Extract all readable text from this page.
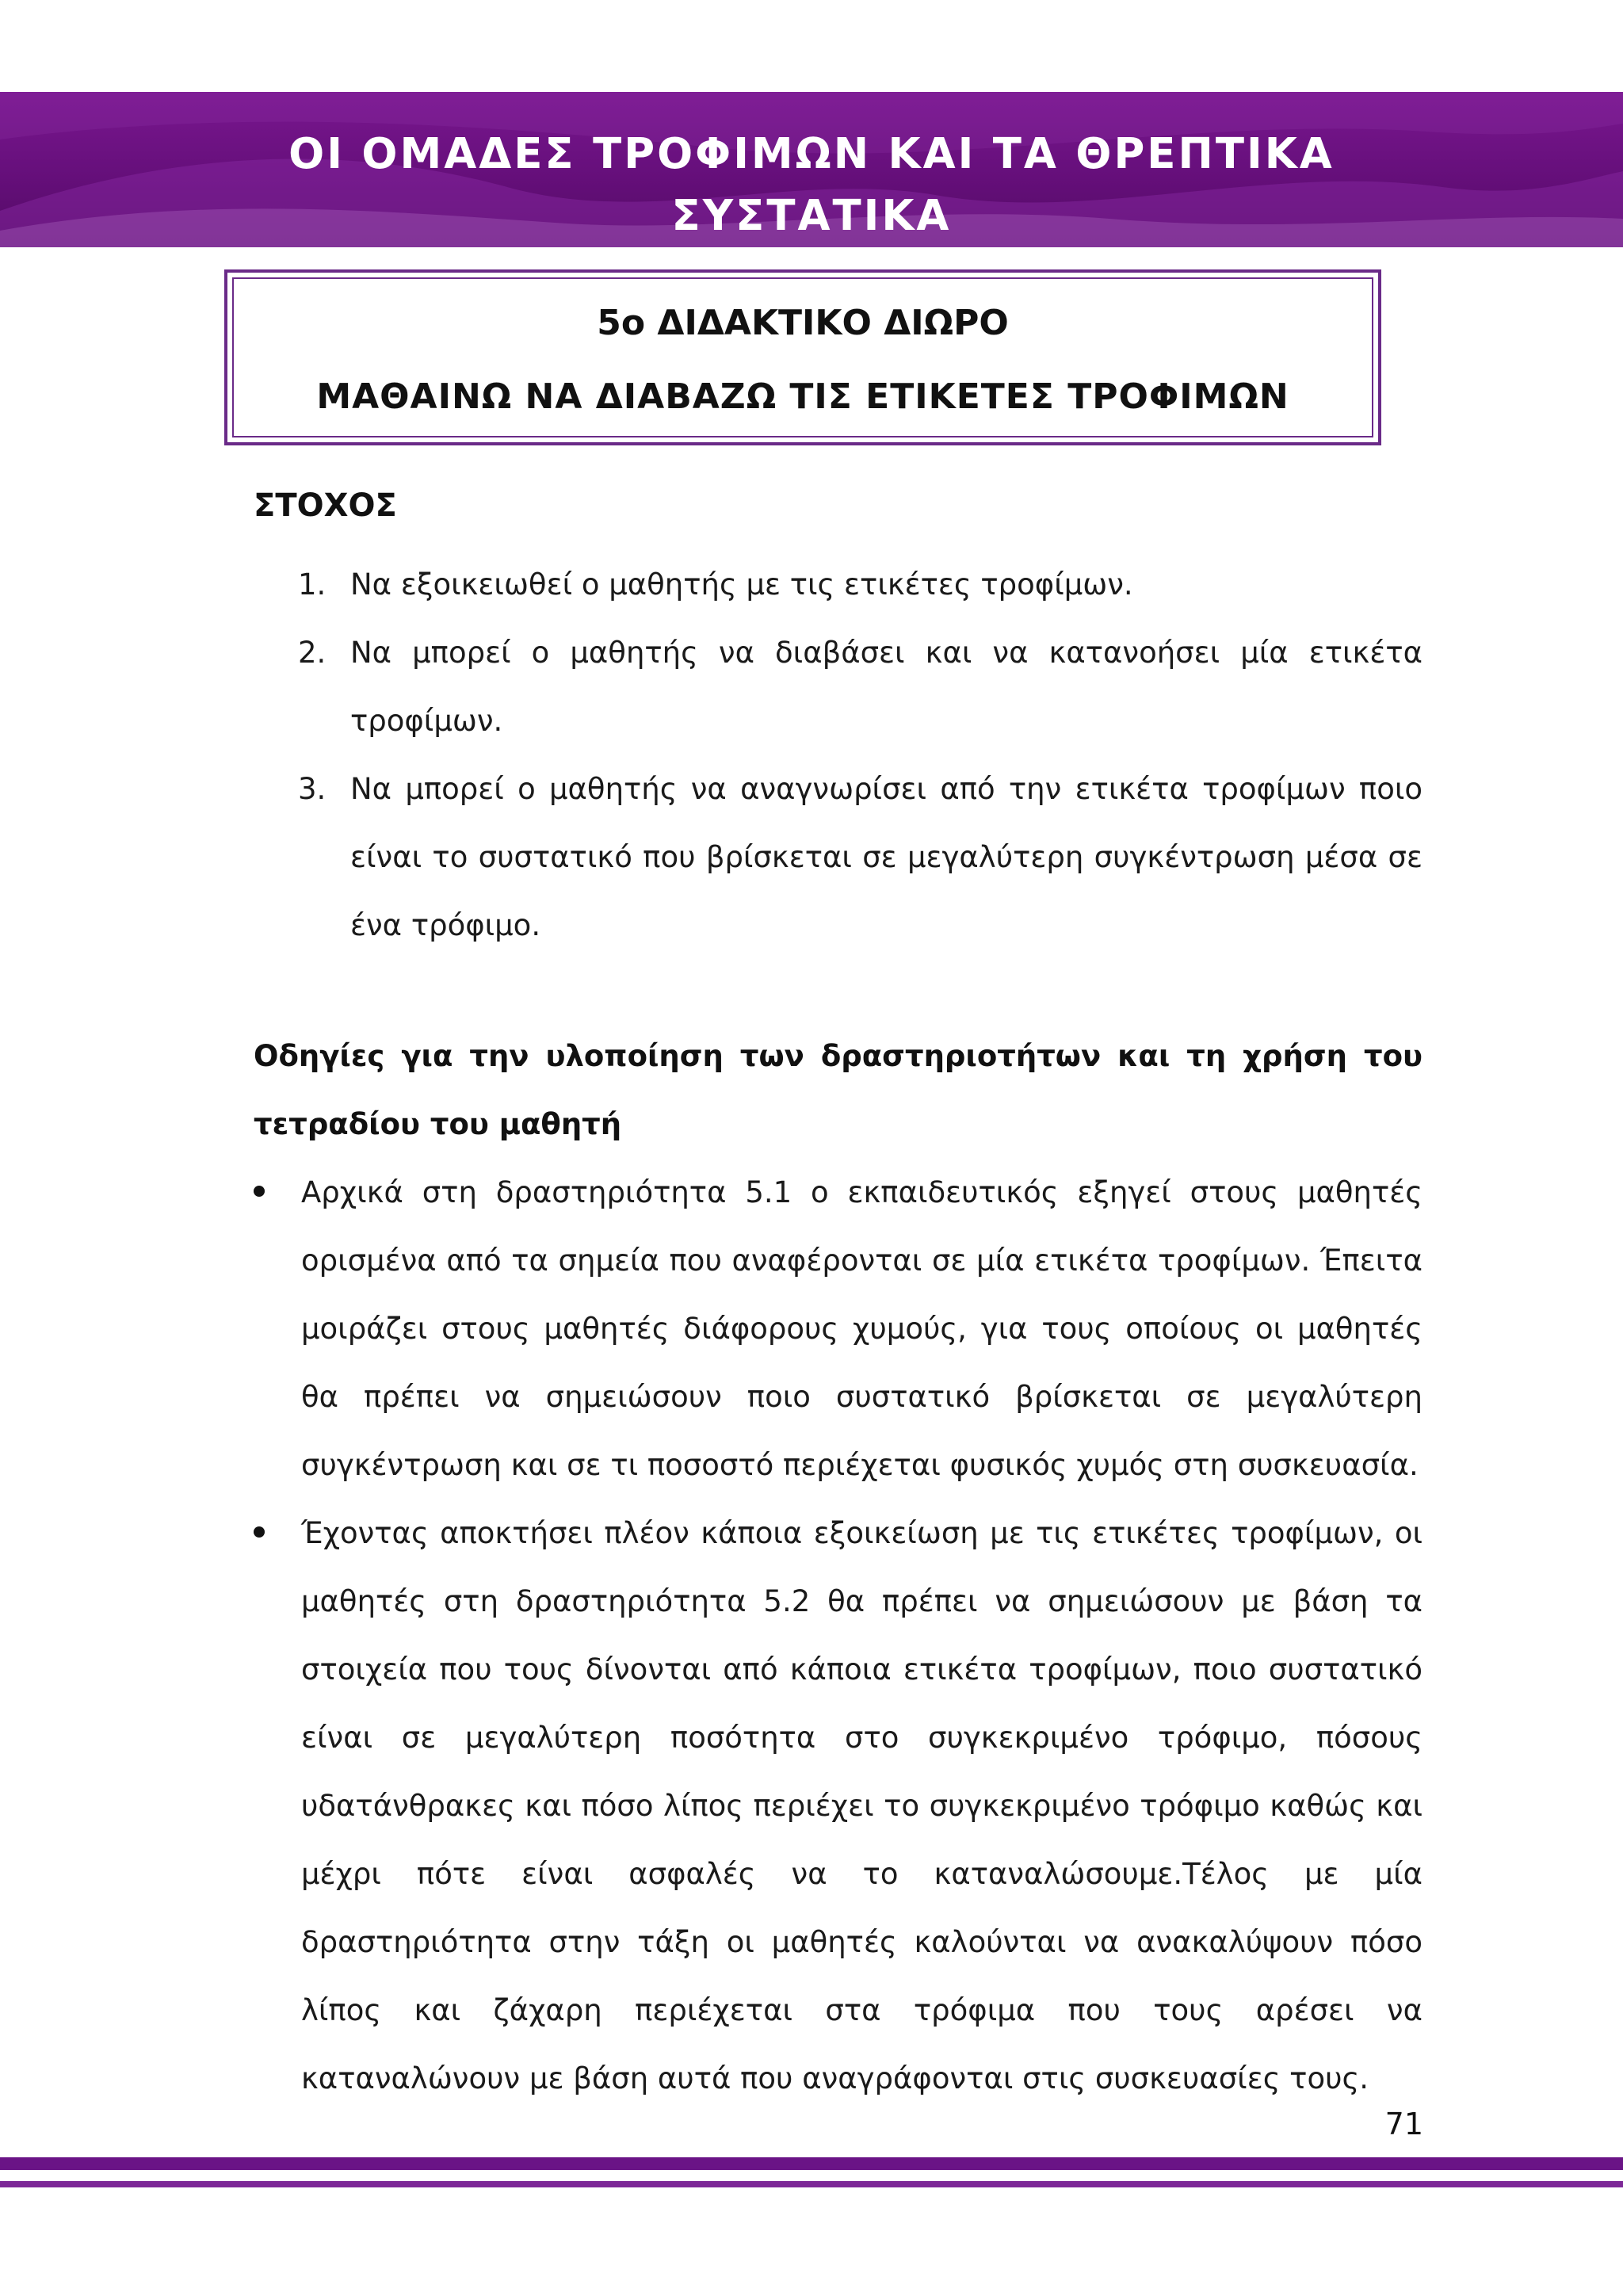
ΟΙ ΟΜΑΔΕΣ ΤΡΟΦΙΜΩΝ ΚΑΙ ΤΑ ΘΡΕΠΤΙΚΑ
ΣΥΣΤΑΤΙΚΑ
5ο ΔΙΔΑΚΤΙΚΟ ΔΙΩΡΟ
ΜΑΘΑΙΝΩ ΝΑ ΔΙΑΒΑΖΩ ΤΙΣ ΕΤΙΚΕΤΕΣ ΤΡΟΦΙΜΩΝ
ΣΤΟΧΟΣ
1. Να εξοικειωθεί ο μαθητής με τις ετικέτες τροφίμων.
2. Να μπορεί ο μαθητής να διαβάσει και να κατανοήσει μία ετικέτα τροφίμων.
3. Να μπορεί ο μαθητής να αναγνωρίσει από την ετικέτα τροφίμων ποιο είναι το συστατικό που βρίσκεται σε μεγαλύτερη συγκέντρωση μέσα σε ένα τρόφιμο.
Οδηγίες για την υλοποίηση των δραστηριοτήτων και τη χρήση του τετραδίου του μαθητή
Αρχικά στη δραστηριότητα 5.1 ο εκπαιδευτικός εξηγεί στους μαθητές ορισμένα από τα σημεία που αναφέρονται σε μία ετικέτα τροφίμων. Έπειτα μοιράζει στους μαθητές διάφορους χυμούς, για τους οποίους οι μαθητές θα πρέπει να σημειώσουν ποιο συστατικό βρίσκεται σε μεγαλύτερη συγκέντρωση και σε τι ποσοστό περιέχεται φυσικός χυμός στη συσκευασία.
Έχοντας αποκτήσει πλέον κάποια εξοικείωση με τις ετικέτες τροφίμων, οι μαθητές στη δραστηριότητα 5.2 θα πρέπει να σημειώσουν με βάση τα στοιχεία που τους δίνονται από κάποια ετικέτα τροφίμων, ποιο συστατικό είναι σε μεγαλύτερη ποσότητα στο συγκεκριμένο τρόφιμο, πόσους υδατάνθρακες και πόσο λίπος περιέχει το συγκεκριμένο τρόφιμο καθώς και μέχρι πότε είναι ασφαλές να το καταναλώσουμε.Τέλος με μία δραστηριότητα στην τάξη οι μαθητές καλούνται να ανακαλύψουν πόσο λίπος και ζάχαρη περιέχεται στα τρόφιμα που τους αρέσει να καταναλώνουν με βάση αυτά που αναγράφονται στις συσκευασίες τους.
71
